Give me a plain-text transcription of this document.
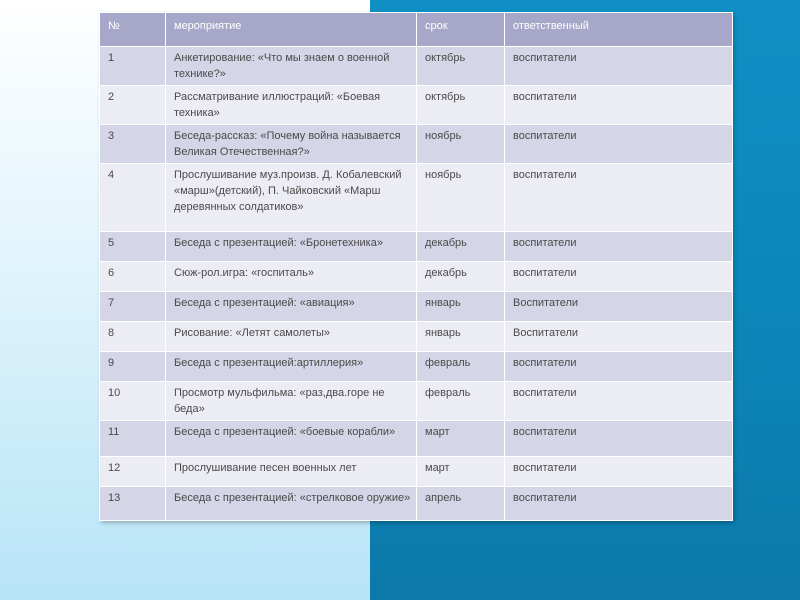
№	мероприятие	срок	ответственный
1	Анкетирование: «Что мы знаем о военной технике?»	октябрь	воспитатели
2	Рассматривание иллюстраций: «Боевая техника»	октябрь	воспитатели
3	Беседа-рассказ: «Почему война называется Великая Отечественная?»	ноябрь	воспитатели
4	Прослушивание муз.произв. Д. Кобалевский «марш»(детский), П. Чайковский «Марш деревянных солдатиков»	ноябрь	воспитатели
5	Беседа с презентацией: «Бронетехника»	декабрь	воспитатели
6	Сюж-рол.игра: «госпиталь»	декабрь	воспитатели
7	Беседа с презентацией: «авиация»	январь	Воспитатели
8	Рисование: «Летят самолеты»	январь	Воспитатели
9	Беседа с презентацией:артиллерия»	февраль	воспитатели
10	Просмотр мульфильма: «раз,два.горе не беда»	февраль	воспитатели
11	Беседа с презентацией: «боевые корабли»	март	воспитатели
12	Прослушивание песен военных лет	март	воспитатели
13	Беседа с презентацией: «стрелковое оружие»	апрель	воспитатели
